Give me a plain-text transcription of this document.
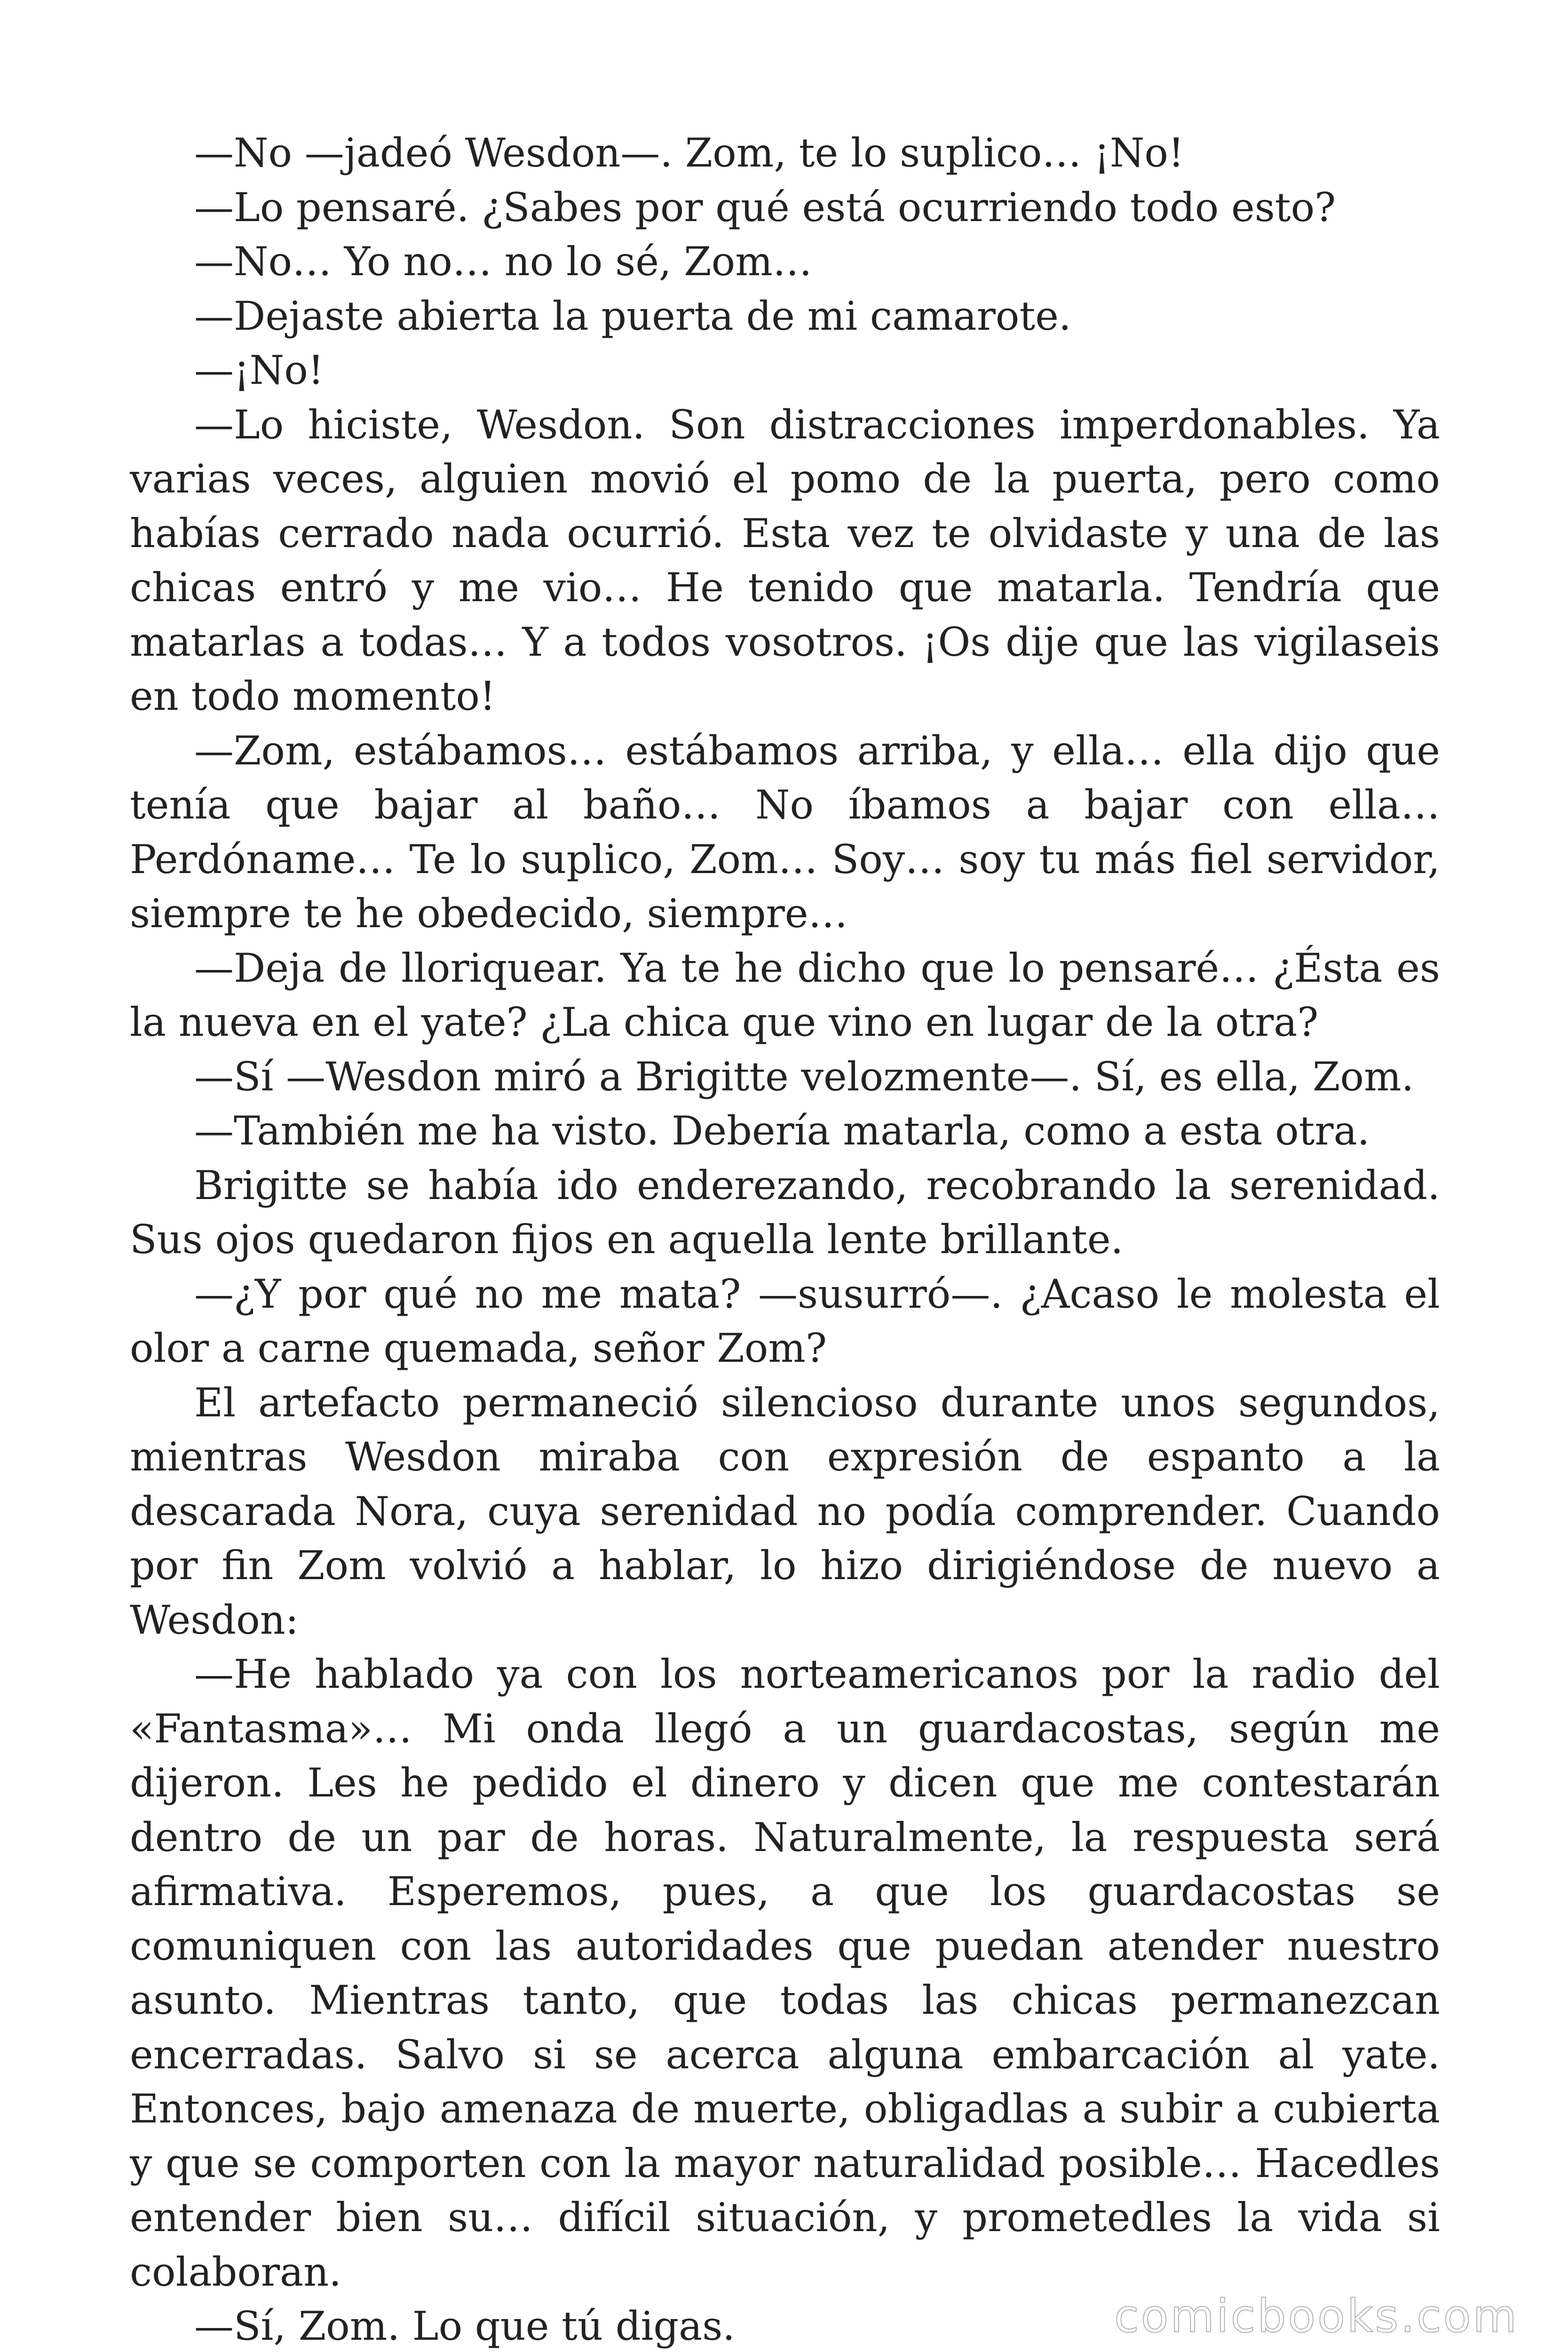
—No —jadeó Wesdon—. Zom, te lo suplico… ¡No!

—Lo pensaré. ¿Sabes por qué está ocurriendo todo esto?

—No… Yo no… no lo sé, Zom…

—Dejaste abierta la puerta de mi camarote.

—¡No!

—Lo hiciste, Wesdon. Son distracciones imperdonables. Ya varias veces, alguien movió el pomo de la puerta, pero como habías cerrado nada ocurrió. Esta vez te olvidaste y una de las chicas entró y me vio… He tenido que matarla. Tendría que matarlas a todas… Y a todos vosotros. ¡Os dije que las vigilaseis en todo momento!

—Zom, estábamos… estábamos arriba, y ella… ella dijo que tenía que bajar al baño… No íbamos a bajar con ella… Perdóname… Te lo suplico, Zom… Soy… soy tu más fiel servidor, siempre te he obedecido, siempre…

—Deja de lloriquear. Ya te he dicho que lo pensaré… ¿Ésta es la nueva en el yate? ¿La chica que vino en lugar de la otra?

—Sí —Wesdon miró a Brigitte velozmente—. Sí, es ella, Zom.

—También me ha visto. Debería matarla, como a esta otra.

Brigitte se había ido enderezando, recobrando la serenidad. Sus ojos quedaron fijos en aquella lente brillante.

—¿Y por qué no me mata? —susurró—. ¿Acaso le molesta el olor a carne quemada, señor Zom?

El artefacto permaneció silencioso durante unos segundos, mientras Wesdon miraba con expresión de espanto a la descarada Nora, cuya serenidad no podía comprender. Cuando por fin Zom volvió a hablar, lo hizo dirigiéndose de nuevo a Wesdon:

—He hablado ya con los norteamericanos por la radio del «Fantasma»… Mi onda llegó a un guardacostas, según me dijeron. Les he pedido el dinero y dicen que me contestarán dentro de un par de horas. Naturalmente, la respuesta será afirmativa. Esperemos, pues, a que los guardacostas se comuniquen con las autoridades que puedan atender nuestro asunto. Mientras tanto, que todas las chicas permanezcan encerradas. Salvo si se acerca alguna embarcación al yate. Entonces, bajo amenaza de muerte, obligadlas a subir a cubierta y que se comporten con la mayor naturalidad posible… Hacedles entender bien su… difícil situación, y prometedles la vida si colaboran.

—Sí, Zom. Lo que tú digas.	comicbooks.com
